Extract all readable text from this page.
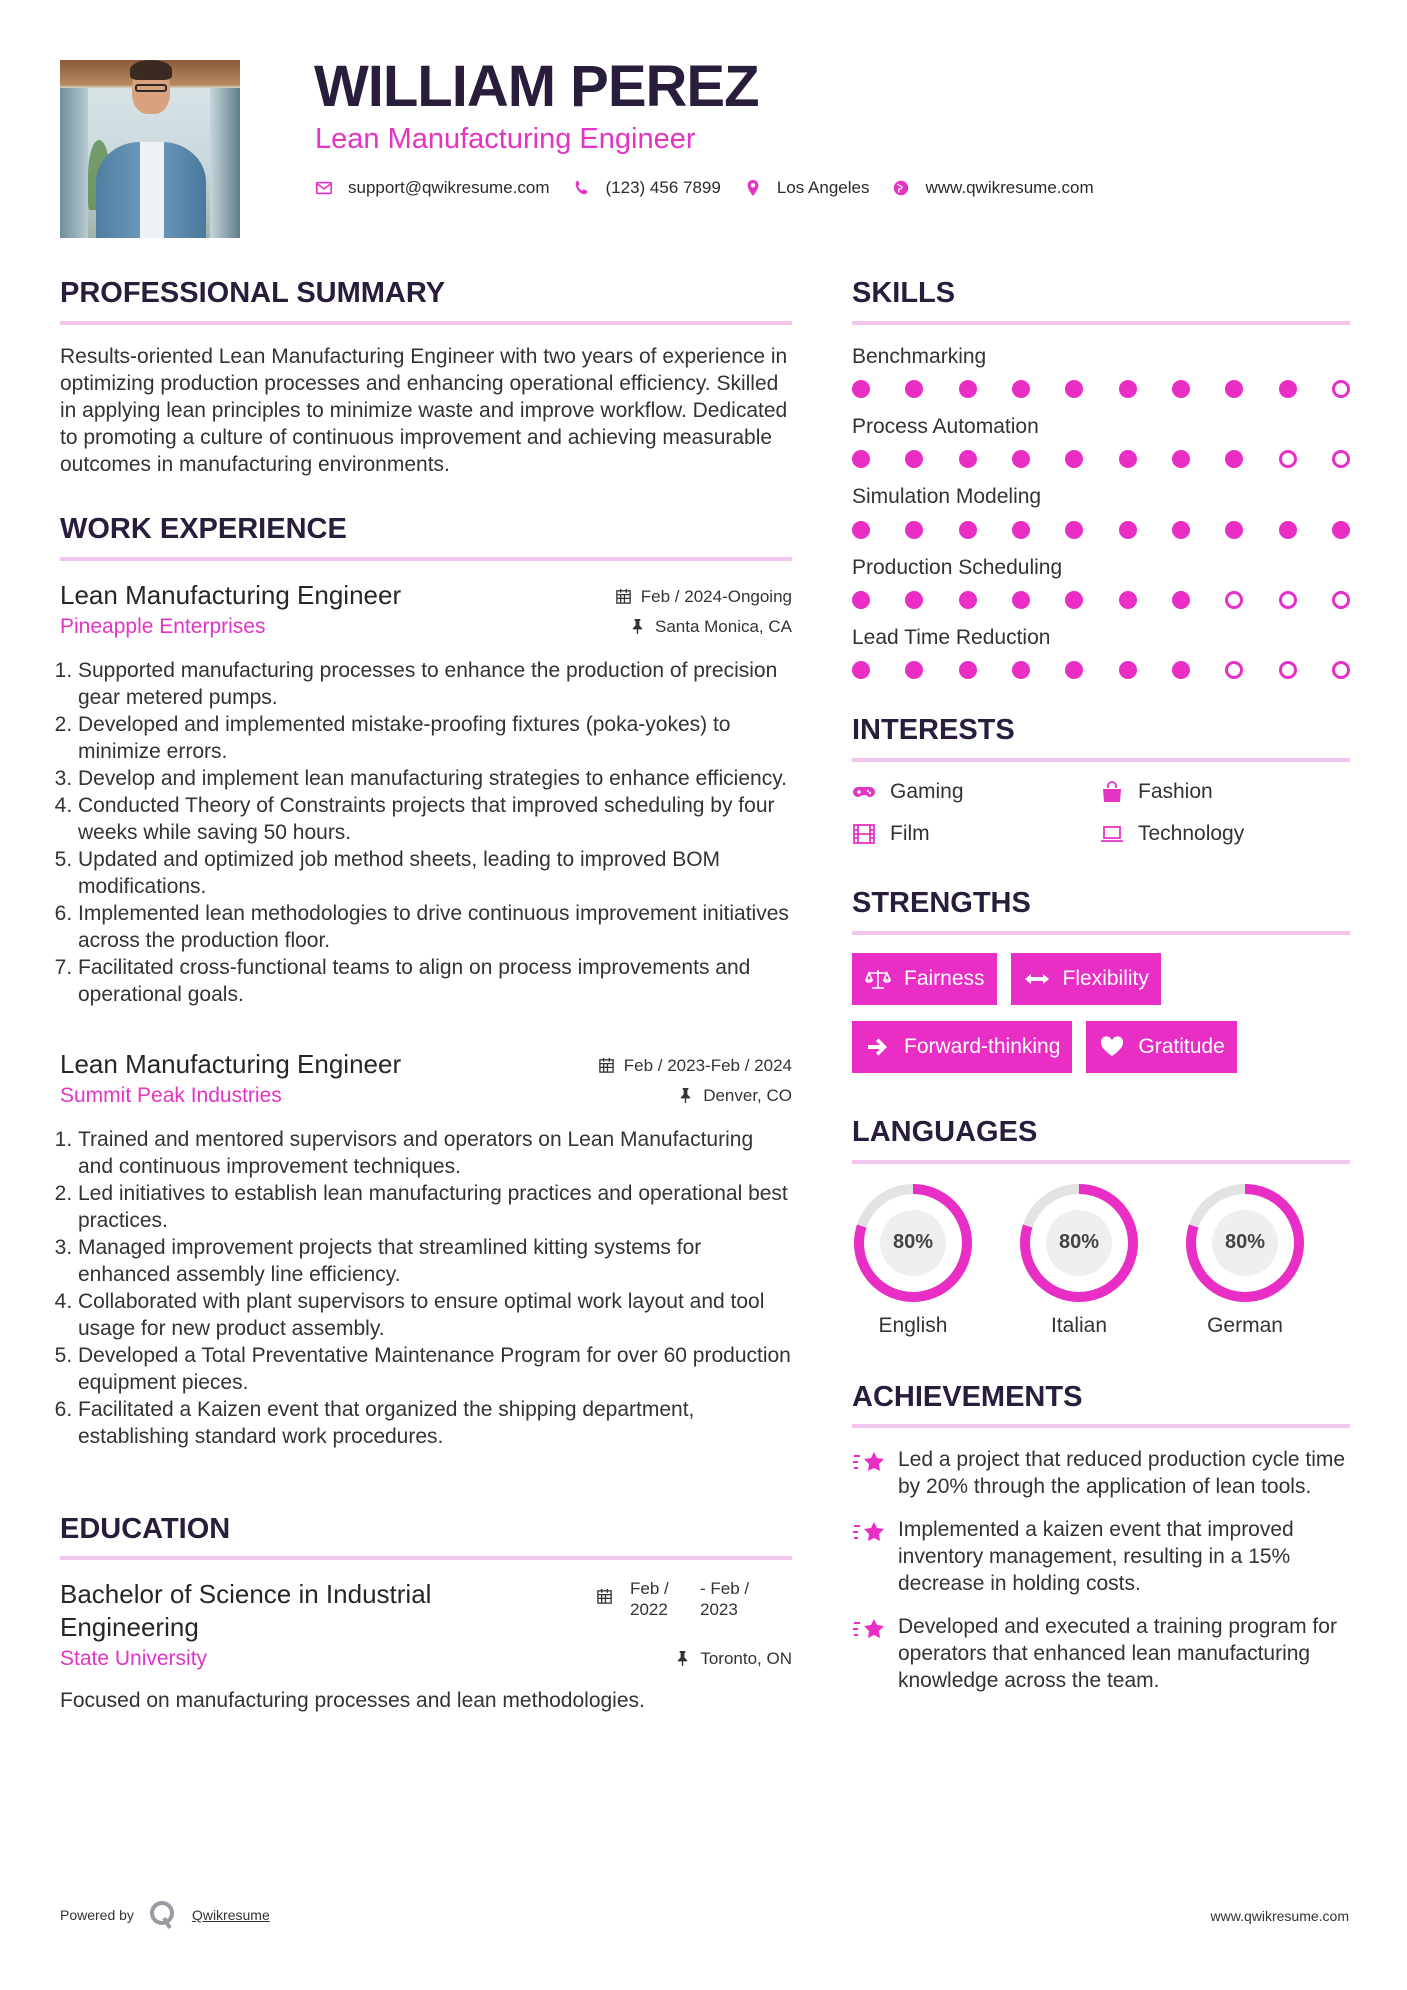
WILLIAM PEREZ
Lean Manufacturing Engineer
support@qwikresume.com	(123) 456 7899	Los Angeles	www.qwikresume.com
PROFESSIONAL SUMMARY

Results-oriented Lean Manufacturing Engineer with two years of experience in optimizing production processes and enhancing operational efficiency. Skilled in applying lean principles to minimize waste and improve workflow. Dedicated to promoting a culture of continuous improvement and achieving measurable outcomes in manufacturing environments.

WORK EXPERIENCE
Lean Manufacturing Engineer	Feb / 2024-Ongoing
Pineapple Enterprises	Santa Monica, CA
1. Supported manufacturing processes to enhance the production of precision gear metered pumps.
2. Developed and implemented mistake-proofing fixtures (poka-yokes) to minimize errors.
3. Develop and implement lean manufacturing strategies to enhance efficiency.
4. Conducted Theory of Constraints projects that improved scheduling by four weeks while saving 50 hours.
5. Updated and optimized job method sheets, leading to improved BOM modifications.
6. Implemented lean methodologies to drive continuous improvement initiatives across the production floor.
7. Facilitated cross-functional teams to align on process improvements and operational goals.
Lean Manufacturing Engineer	Feb / 2023-Feb / 2024
Summit Peak Industries	Denver, CO
1. Trained and mentored supervisors and operators on Lean Manufacturing and continuous improvement techniques.
2. Led initiatives to establish lean manufacturing practices and operational best practices.
3. Managed improvement projects that streamlined kitting systems for enhanced assembly line efficiency.
4. Collaborated with plant supervisors to ensure optimal work layout and tool usage for new product assembly.
5. Developed a Total Preventative Maintenance Program for over 60 production equipment pieces.
6. Facilitated a Kaizen event that organized the shipping department, establishing standard work procedures.
EDUCATION
Bachelor of Science in Industrial Engineering
Feb / 2022
- Feb / 2023
State University	Toronto, ON

Focused on manufacturing processes and lean methodologies.

SKILLS
Benchmarking
Process Automation
Simulation Modeling
Production Scheduling
Lead Time Reduction
INTERESTS
Gaming	Fashion
Film	Technology
STRENGTHS
Fairness	Flexibility
Forward-thinking	Gratitude
LANGUAGES
80%
English
80%
Italian
80%
German
ACHIEVEMENTS

Led a project that reduced production cycle time by 20% through the application of lean tools.

Implemented a kaizen event that improved inventory management, resulting in a 15% decrease in holding costs.

Developed and executed a training program for operators that enhanced lean manufacturing knowledge across the team.

Powered by	Qwikresume	www.qwikresume.com
